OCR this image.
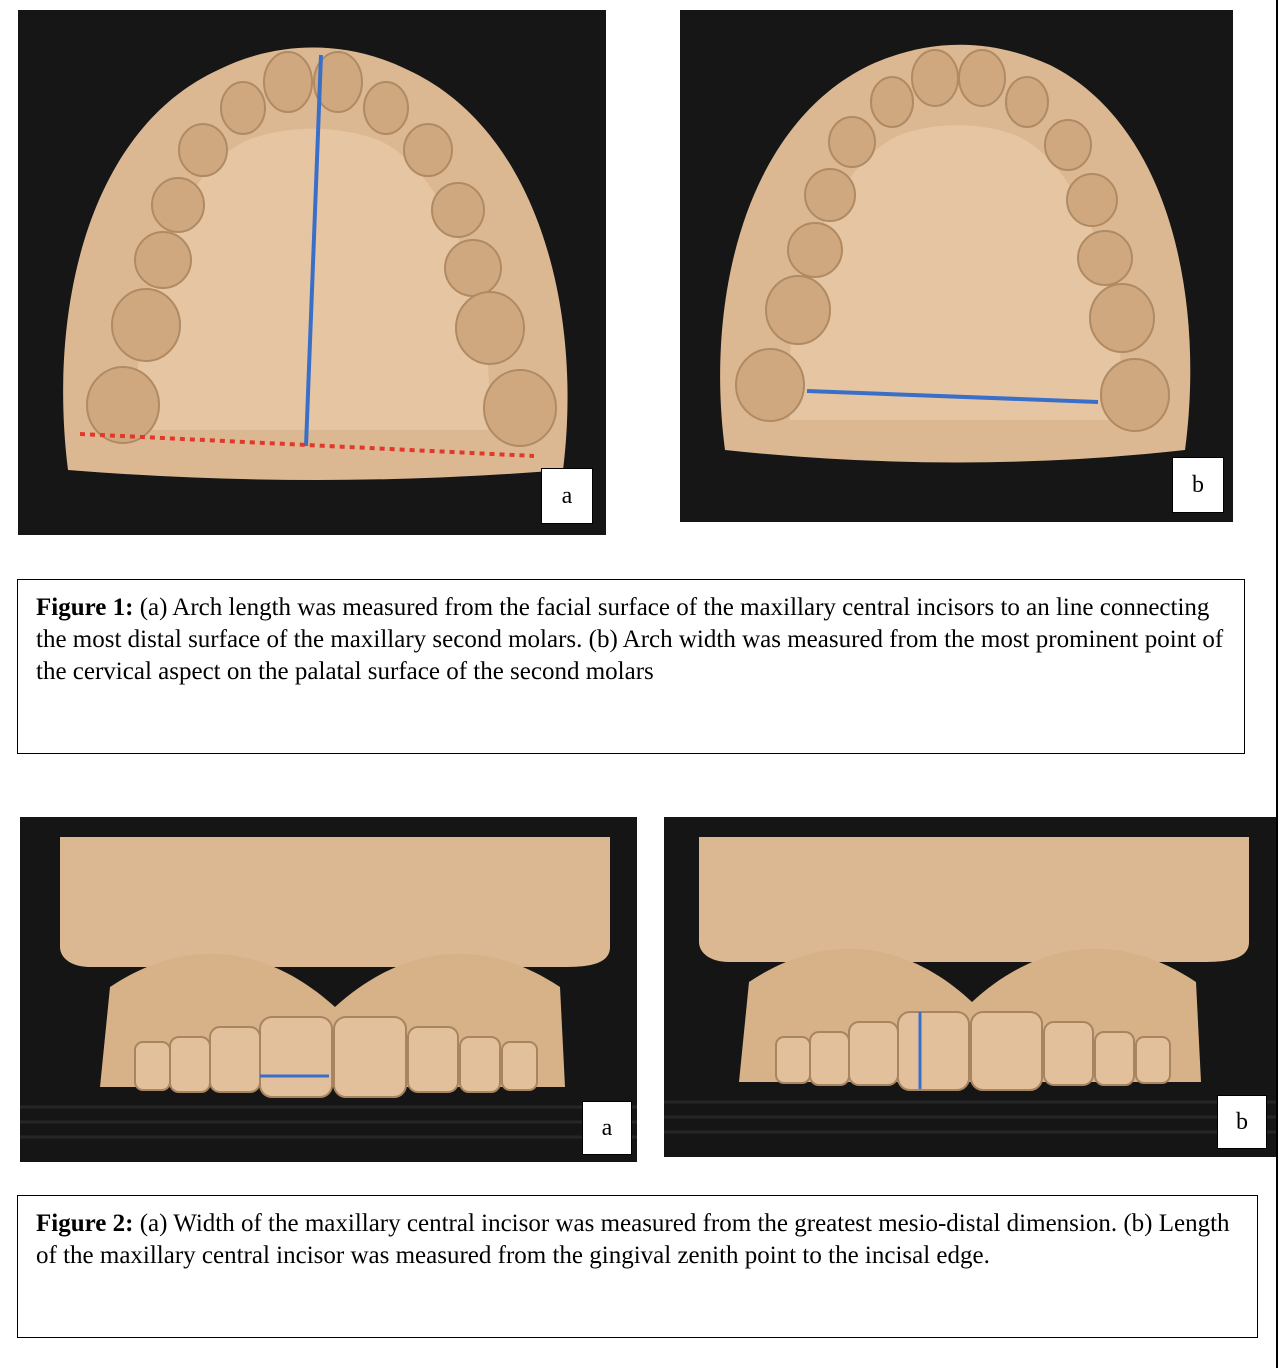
a	b
Figure 1: (a) Arch length was measured from the facial surface of the maxillary central incisors to an line connecting the most distal surface of the maxillary second molars. (b) Arch width was measured from the most prominent point of the cervical aspect on the palatal surface of the second molars
a	b
Figure 2: (a) Width of the maxillary central incisor was measured from the greatest mesio-distal dimension. (b) Length of the maxillary central incisor was measured from the gingival zenith point to the incisal edge.
